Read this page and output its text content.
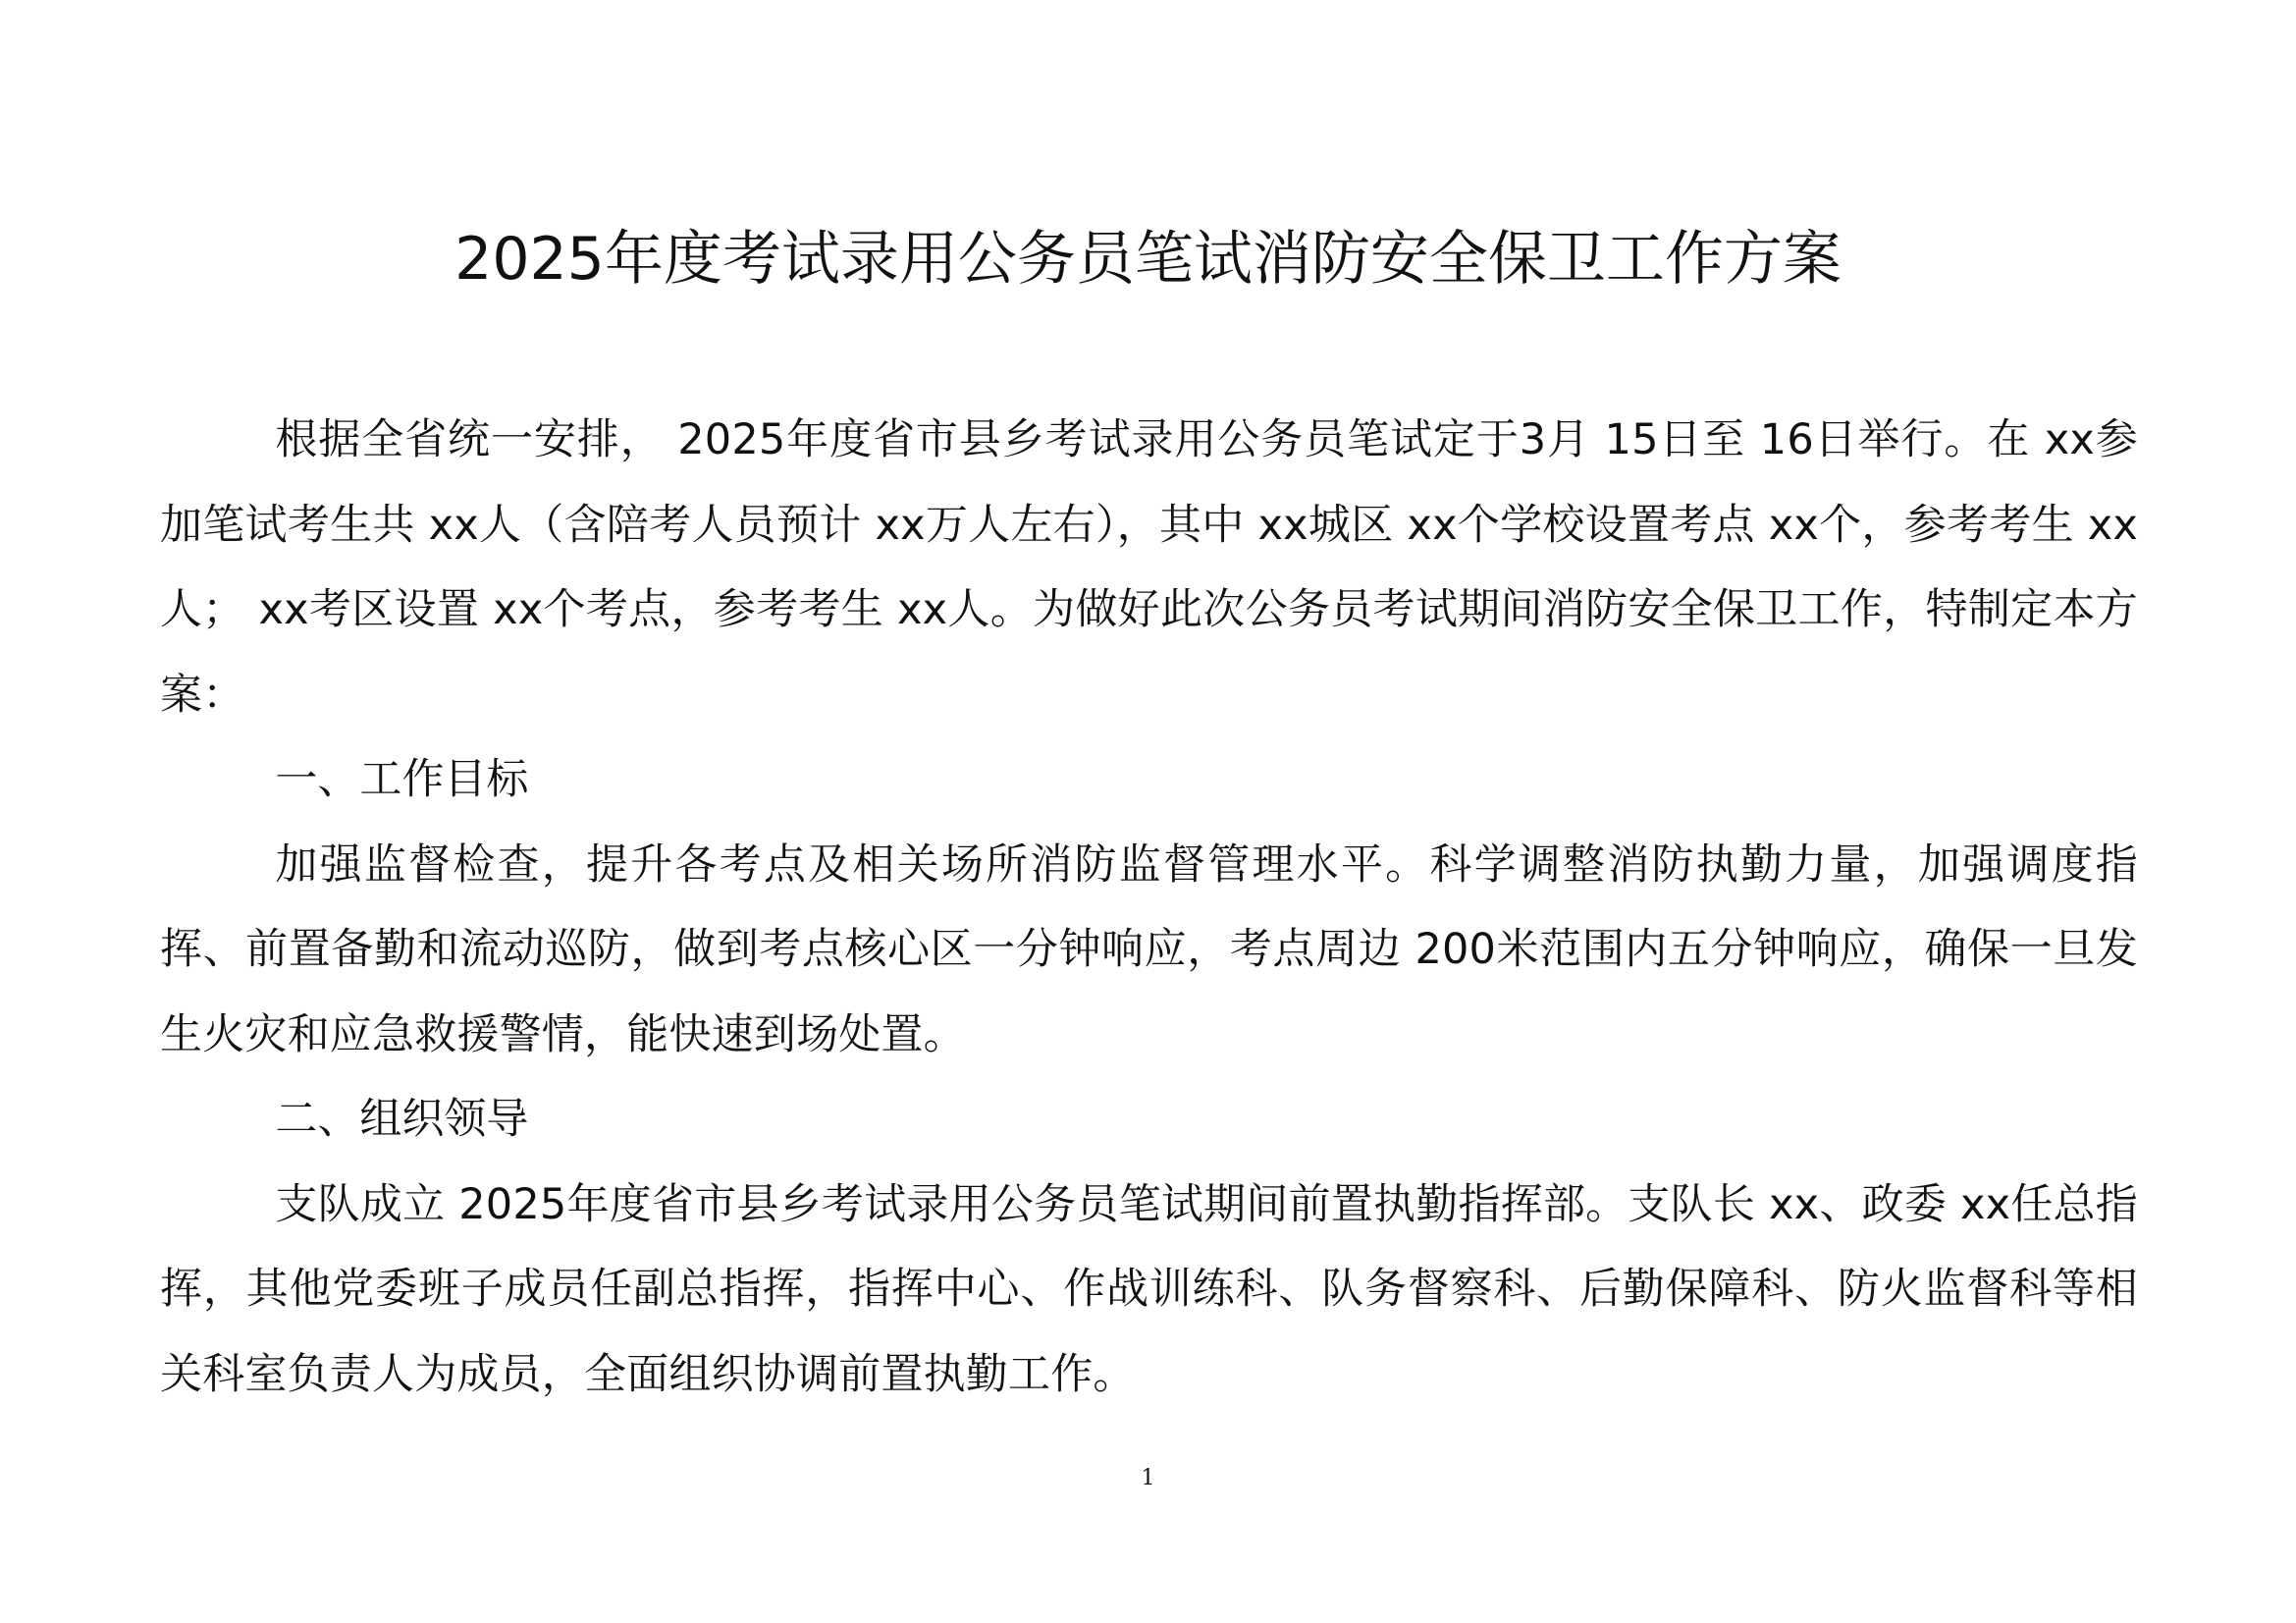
2025年度考试录用公务员笔试消防安全保卫工作方案

根据全省统一安排， 2025年度省市县乡考试录用公务员笔试定于3月 15日至 16日举行。在 xx参加笔试考生共 xx人（含陪考人员预计 xx万人左右），其中 xx城区 xx个学校设置考点 xx个，参考考生 xx人； xx考区设置 xx个考点，参考考生 xx人。为做好此次公务员考试期间消防安全保卫工作，特制定本方案：

一、工作目标

加强监督检查，提升各考点及相关场所消防监督管理水平。科学调整消防执勤力量，加强调度指挥、前置备勤和流动巡防，做到考点核心区一分钟响应，考点周边 200米范围内五分钟响应，确保一旦发生火灾和应急救援警情，能快速到场处置。

二、组织领导

支队成立 2025年度省市县乡考试录用公务员笔试期间前置执勤指挥部。支队长 xx、政委 xx任总指挥，其他党委班子成员任副总指挥，指挥中心、作战训练科、队务督察科、后勤保障科、防火监督科等相关科室负责人为成员，全面组织协调前置执勤工作。

1
